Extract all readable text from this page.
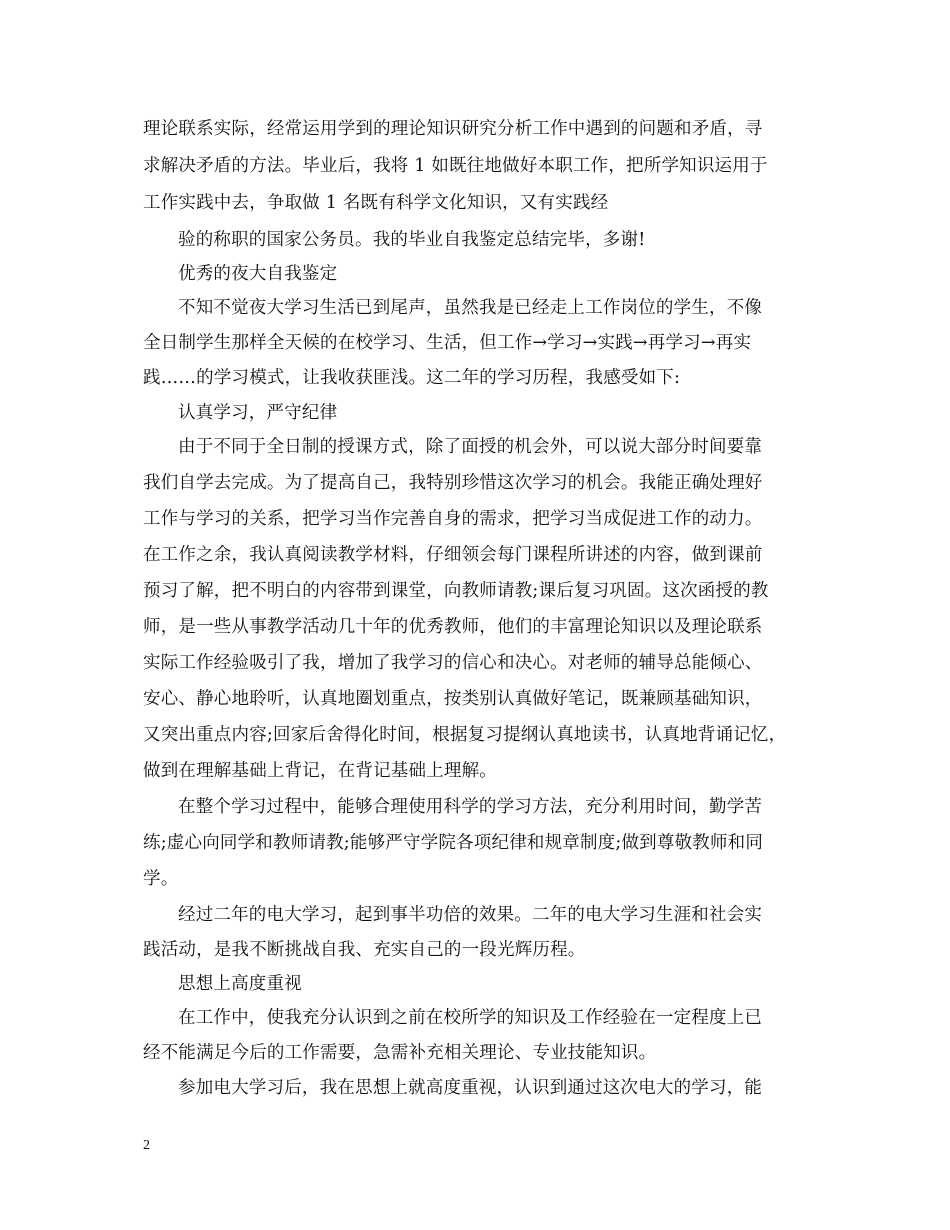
理论联系实际，经常运用学到的理论知识研究分析工作中遇到的问题和矛盾，寻
求解决矛盾的方法。毕业后，我将 1 如既往地做好本职工作，把所学知识运用于
工作实践中去，争取做 1 名既有科学文化知识，又有实践经
验的称职的国家公务员。我的毕业自我鉴定总结完毕，多谢!
优秀的夜大自我鉴定
不知不觉夜大学习生活已到尾声，虽然我是已经走上工作岗位的学生，不像
全日制学生那样全天候的在校学习、生活，但工作→学习→实践→再学习→再实
践……的学习模式，让我收获匪浅。这二年的学习历程，我感受如下:
认真学习，严守纪律
由于不同于全日制的授课方式，除了面授的机会外，可以说大部分时间要靠
我们自学去完成。为了提高自己，我特别珍惜这次学习的机会。我能正确处理好
工作与学习的关系，把学习当作完善自身的需求，把学习当成促进工作的动力。
在工作之余，我认真阅读教学材料，仔细领会每门课程所讲述的内容，做到课前
预习了解，把不明白的内容带到课堂，向教师请教;课后复习巩固。这次函授的教
师，是一些从事教学活动几十年的优秀教师，他们的丰富理论知识以及理论联系
实际工作经验吸引了我，增加了我学习的信心和决心。对老师的辅导总能倾心、
安心、静心地聆听，认真地圈划重点，按类别认真做好笔记，既兼顾基础知识，
又突出重点内容;回家后舍得化时间，根据复习提纲认真地读书，认真地背诵记忆，
做到在理解基础上背记，在背记基础上理解。
在整个学习过程中，能够合理使用科学的学习方法，充分利用时间，勤学苦
练;虚心向同学和教师请教;能够严守学院各项纪律和规章制度;做到尊敬教师和同
学。
经过二年的电大学习，起到事半功倍的效果。二年的电大学习生涯和社会实
践活动，是我不断挑战自我、充实自己的一段光辉历程。
思想上高度重视
在工作中，使我充分认识到之前在校所学的知识及工作经验在一定程度上已
经不能满足今后的工作需要，急需补充相关理论、专业技能知识。
参加电大学习后，我在思想上就高度重视，认识到通过这次电大的学习，能
2
